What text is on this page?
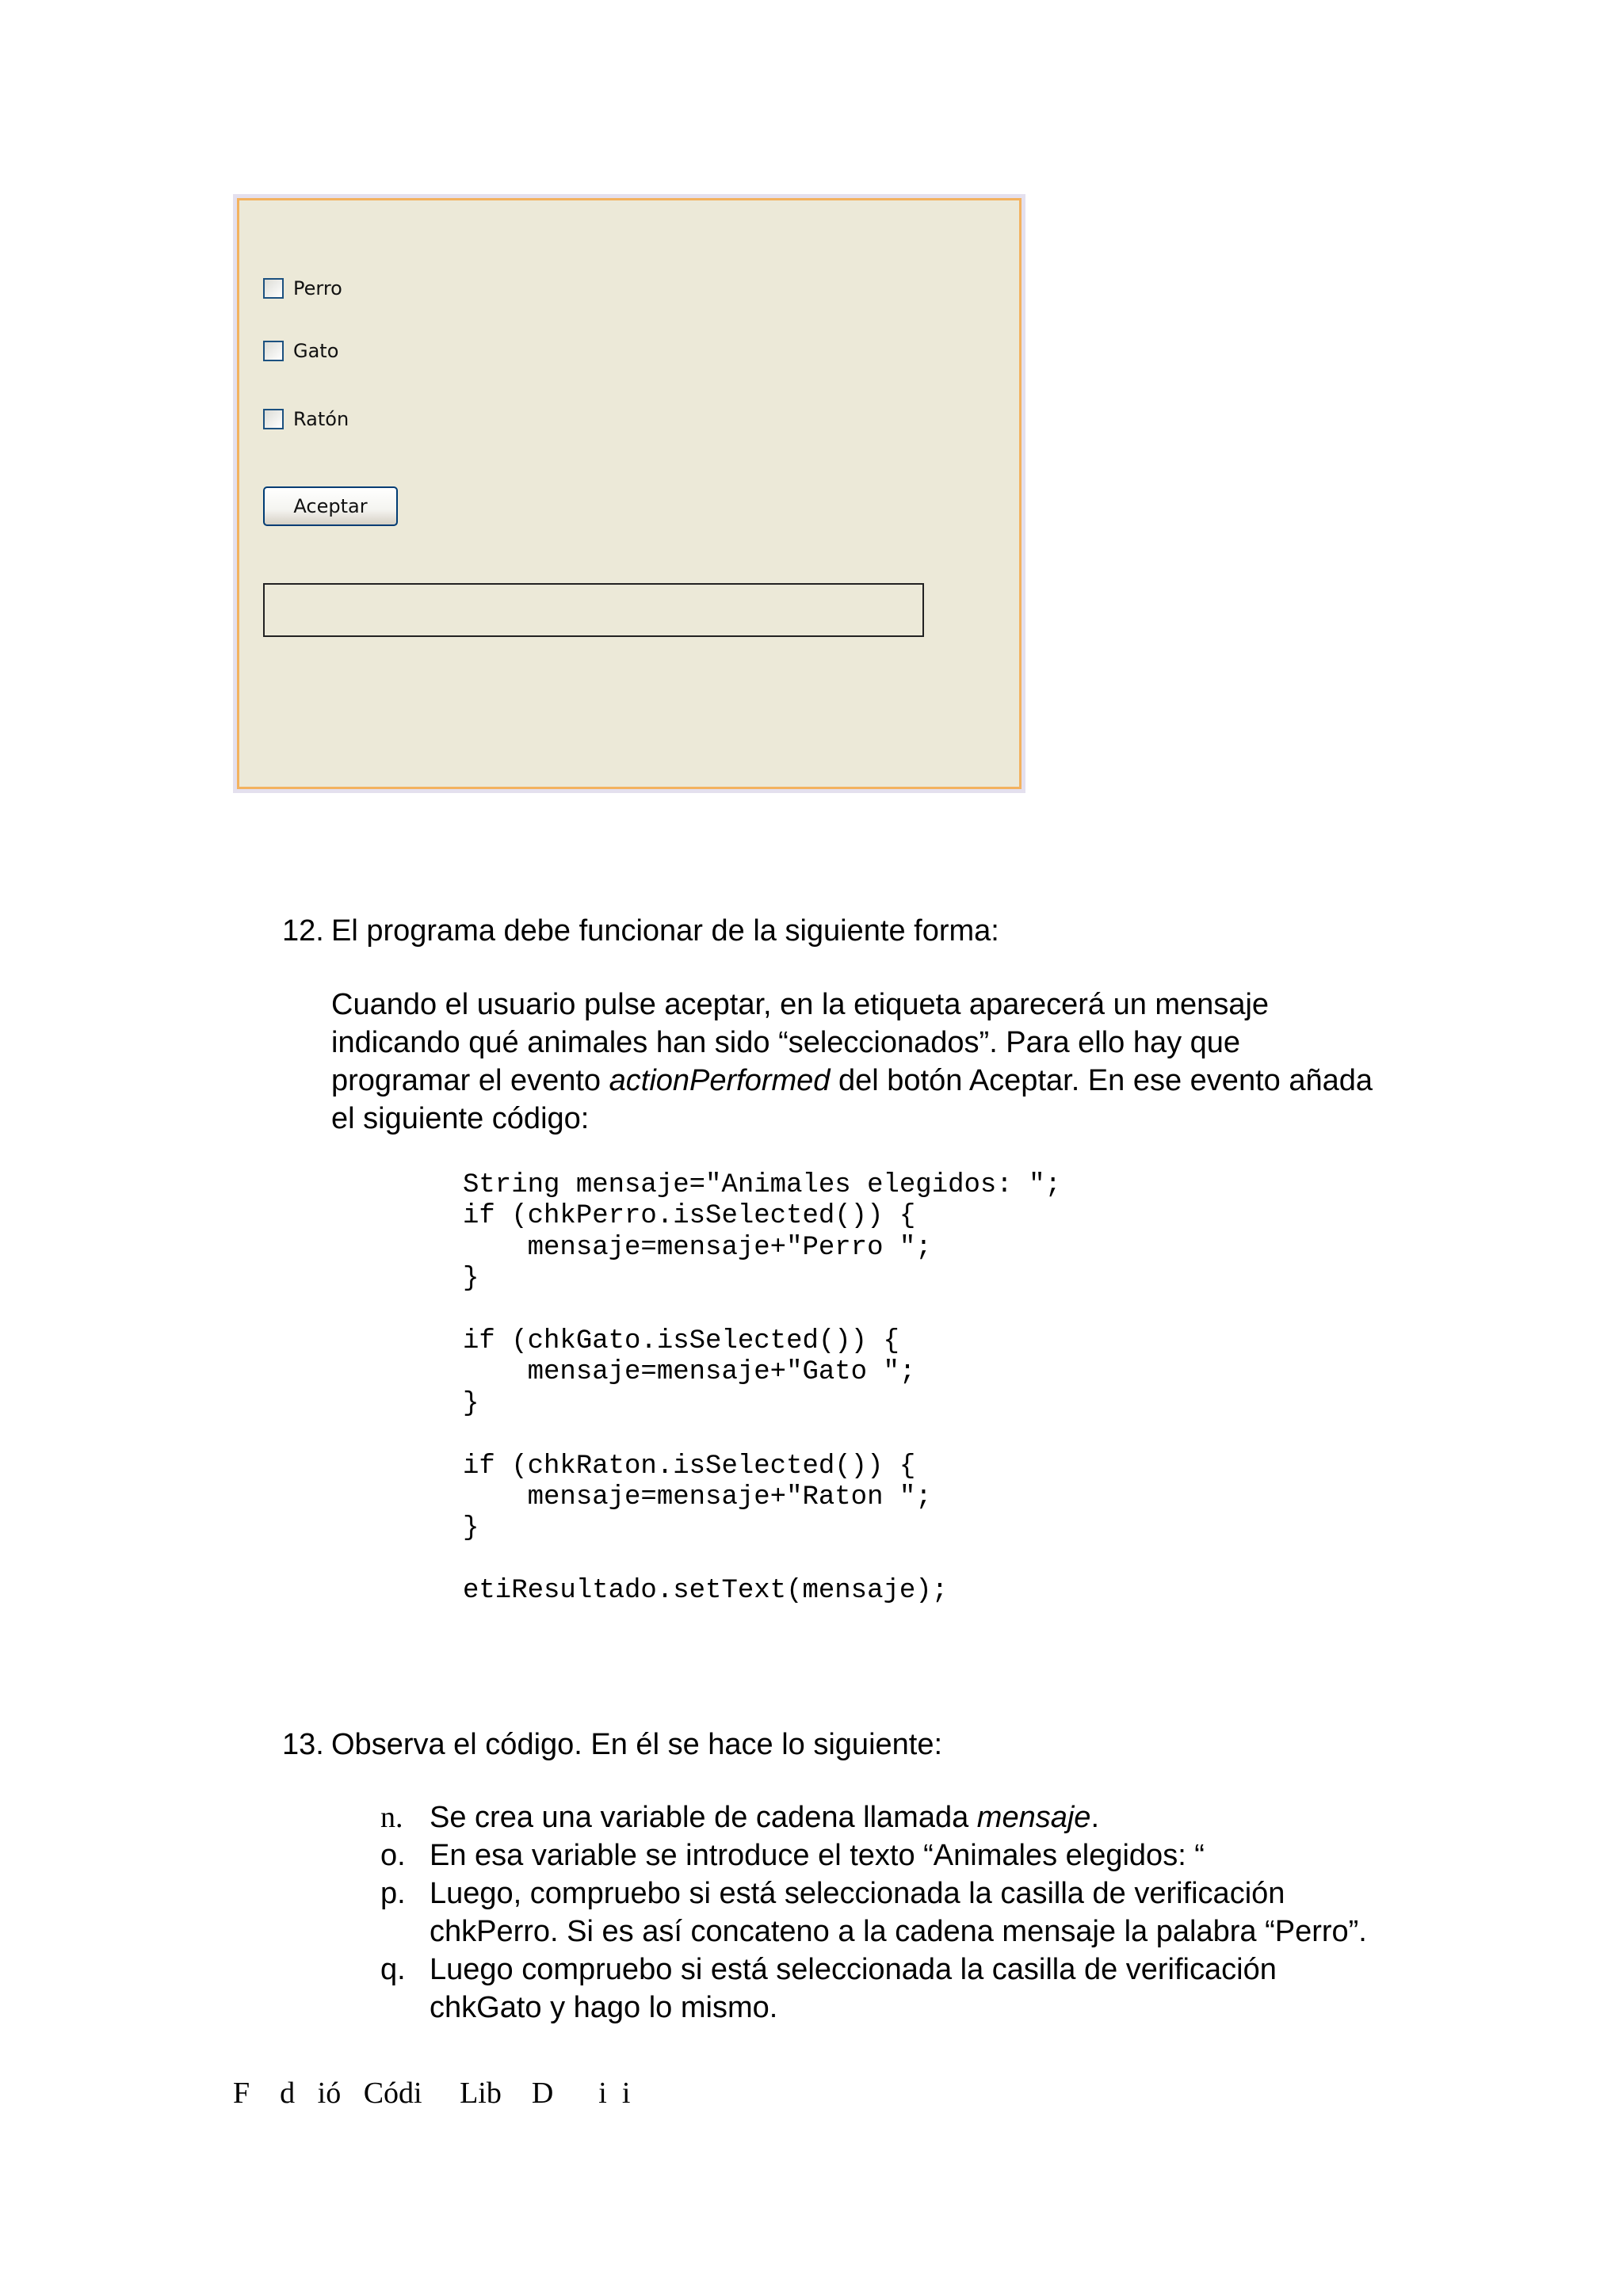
Perro
Gato
Ratón
Aceptar
12. El programa debe funcionar de la siguiente forma:
Cuando el usuario pulse aceptar, en la etiqueta aparecerá un mensaje
indicando qué animales han sido “seleccionados”. Para ello hay que
programar el evento actionPerformed del botón Aceptar. En ese evento añada
el siguiente código:
String mensaje="Animales elegidos: ";
if (chkPerro.isSelected()) {
mensaje=mensaje+"Perro ";
}

if (chkGato.isSelected()) {
mensaje=mensaje+"Gato ";
}

if (chkRaton.isSelected()) {
mensaje=mensaje+"Raton ";
}

etiResultado.setText(mensaje);
13. Observa el código. En él se hace lo siguiente:
n. Se crea una variable de cadena llamada mensaje.
o. En esa variable se introduce el texto “Animales elegidos: “
p. Luego, compruebo si está seleccionada la casilla de verificación
chkPerro. Si es así concateno a la cadena mensaje la palabra “Perro”.
q. Luego compruebo si está seleccionada la casilla de verificación
chkGato y hago lo mismo.
F    d   ió   Códi     Lib    D      i  i
